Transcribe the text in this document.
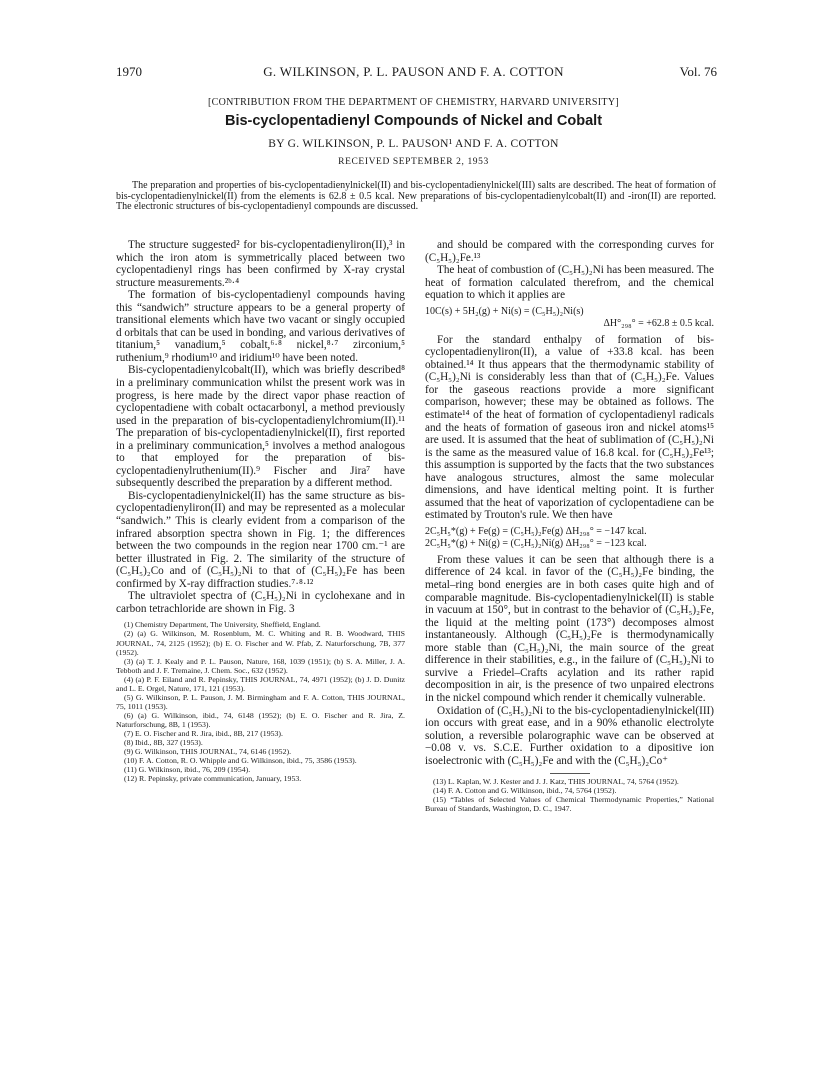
1970	G. WILKINSON, P. L. PAUSON AND F. A. COTTON	Vol. 76
[CONTRIBUTION FROM THE DEPARTMENT OF CHEMISTRY, HARVARD UNIVERSITY]
Bis-cyclopentadienyl Compounds of Nickel and Cobalt
BY G. WILKINSON, P. L. PAUSON¹ AND F. A. COTTON
RECEIVED SEPTEMBER 2, 1953
The preparation and properties of bis-cyclopentadienylnickel(II) and bis-cyclopentadienylnickel(III) salts are described. The heat of formation of bis-cyclopentadienylnickel(II) from the elements is 62.8 ± 0.5 kcal. New preparations of bis-cyclopentadienylcobalt(II) and -iron(II) are reported. The electronic structures of bis-cyclopentadienyl compounds are discussed.

The structure suggested² for bis-cyclopentadienyliron(II),³ in which the iron atom is symmetrically placed between two cyclopentadienyl rings has been confirmed by X-ray crystal structure measurements.²ᵇ·⁴

The formation of bis-cyclopentadienyl compounds having this “sandwich” structure appears to be a general property of transitional elements which have two vacant or singly occupied d orbitals that can be used in bonding, and various derivatives of titanium,⁵ vanadium,⁵ cobalt,⁶·⁸ nickel,⁸·⁷ zirconium,⁵ ruthenium,⁹ rhodium¹⁰ and iridium¹⁰ have been noted.

Bis-cyclopentadienylcobalt(II), which was briefly described⁸ in a preliminary communication whilst the present work was in progress, is here made by the direct vapor phase reaction of cyclopentadiene with cobalt octacarbonyl, a method previously used in the preparation of bis-cyclopentadienylchromium(II).¹¹ The preparation of bis-cyclopentadienylnickel(II), first reported in a preliminary communication,⁵ involves a method analogous to that employed for the preparation of bis-cyclopentadienylruthenium(II).⁹ Fischer and Jira⁷ have subsequently described the preparation by a different method.

Bis-cyclopentadienylnickel(II) has the same structure as bis-cyclopentadienyliron(II) and may be represented as a molecular “sandwich.” This is clearly evident from a comparison of the infrared absorption spectra shown in Fig. 1; the differences between the two compounds in the region near 1700 cm.⁻¹ are better illustrated in Fig. 2. The similarity of the structure of (C₅H₅)₂Co and of (C₅H₅)₂Ni to that of (C₅H₅)₂Fe has been confirmed by X-ray diffraction studies.⁷·⁸·¹²

The ultraviolet spectra of (C₅H₅)₂Ni in cyclohexane and in carbon tetrachloride are shown in Fig. 3

(1) Chemistry Department, The University, Sheffield, England.
(2) (a) G. Wilkinson, M. Rosenblum, M. C. Whiting and R. B. Woodward, THIS JOURNAL, 74, 2125 (1952); (b) E. O. Fischer and W. Pfab, Z. Naturforschung, 7B, 377 (1952).
(3) (a) T. J. Kealy and P. L. Pauson, Nature, 168, 1039 (1951); (b) S. A. Miller, J. A. Tebboth and J. F. Tremaine, J. Chem. Soc., 632 (1952).
(4) (a) P. F. Eiland and R. Pepinsky, THIS JOURNAL, 74, 4971 (1952); (b) J. D. Dunitz and L. E. Orgel, Nature, 171, 121 (1953).
(5) G. Wilkinson, P. L. Pauson, J. M. Birmingham and F. A. Cotton, THIS JOURNAL, 75, 1011 (1953).
(6) (a) G. Wilkinson, ibid., 74, 6148 (1952); (b) E. O. Fischer and R. Jira, Z. Naturforschung, 8B, 1 (1953).
(7) E. O. Fischer and R. Jira, ibid., 8B, 217 (1953).
(8) Ibid., 8B, 327 (1953).
(9) G. Wilkinson, THIS JOURNAL, 74, 6146 (1952).
(10) F. A. Cotton, R. O. Whipple and G. Wilkinson, ibid., 75, 3586 (1953).
(11) G. Wilkinson, ibid., 76, 209 (1954).
(12) R. Pepinsky, private communication, January, 1953.

and should be compared with the corresponding curves for (C₅H₅)₂Fe.¹³

The heat of combustion of (C₅H₅)₂Ni has been measured. The heat of formation calculated therefrom, and the chemical equation to which it applies are

10C(s) + 5H₂(g) + Ni(s) = (C₅H₅)₂Ni(s)
ΔH°₂₉₈° = +62.8 ± 0.5 kcal.

For the standard enthalpy of formation of bis-cyclopentadienyliron(II), a value of +33.8 kcal. has been obtained.¹⁴ It thus appears that the thermodynamic stability of (C₅H₅)₂Ni is considerably less than that of (C₅H₅)₂Fe. Values for the gaseous reactions provide a more significant comparison, however; these may be obtained as follows. The estimate¹⁴ of the heat of formation of cyclopentadienyl radicals and the heats of formation of gaseous iron and nickel atoms¹⁵ are used. It is assumed that the heat of sublimation of (C₅H₅)₂Ni is the same as the measured value of 16.8 kcal. for (C₅H₅)₂Fe¹³; this assumption is supported by the facts that the two substances have analogous structures, almost the same molecular dimensions, and have identical melting point. It is further assumed that the heat of vaporization of cyclopentadiene can be estimated by Trouton's rule. We then have

2C₅H₅*(g) + Fe(g) = (C₅H₅)₂Fe(g) ΔH₂₉₈° = −147 kcal.
2C₅H₅*(g) + Ni(g) = (C₅H₅)₂Ni(g) ΔH₂₉₈° = −123 kcal.

From these values it can be seen that although there is a difference of 24 kcal. in favor of the (C₅H₅)₂Fe binding, the metal–ring bond energies are in both cases quite high and of comparable magnitude. Bis-cyclopentadienylnickel(II) is stable in vacuum at 150°, but in contrast to the behavior of (C₅H₅)₂Fe, the liquid at the melting point (173°) decomposes almost instantaneously. Although (C₅H₅)₂Fe is thermodynamically more stable than (C₅H₅)₂Ni, the main source of the great difference in their stabilities, e.g., in the failure of (C₅H₅)₂Ni to survive a Friedel–Crafts acylation and its rather rapid decomposition in air, is the presence of two unpaired electrons in the nickel compound which render it chemically vulnerable.

Oxidation of (C₅H₅)₂Ni to the bis-cyclopentadienylnickel(III) ion occurs with great ease, and in a 90% ethanolic electrolyte solution, a reversible polarographic wave can be observed at −0.08 v. vs. S.C.E. Further oxidation to a dipositive ion isoelectronic with (C₅H₅)₂Fe and with the (C₅H₅)₂Co⁺

(13) L. Kaplan, W. J. Kester and J. J. Katz, THIS JOURNAL, 74, 5764 (1952).
(14) F. A. Cotton and G. Wilkinson, ibid., 74, 5764 (1952).
(15) “Tables of Selected Values of Chemical Thermodynamic Properties,” National Bureau of Standards, Washington, D. C., 1947.
